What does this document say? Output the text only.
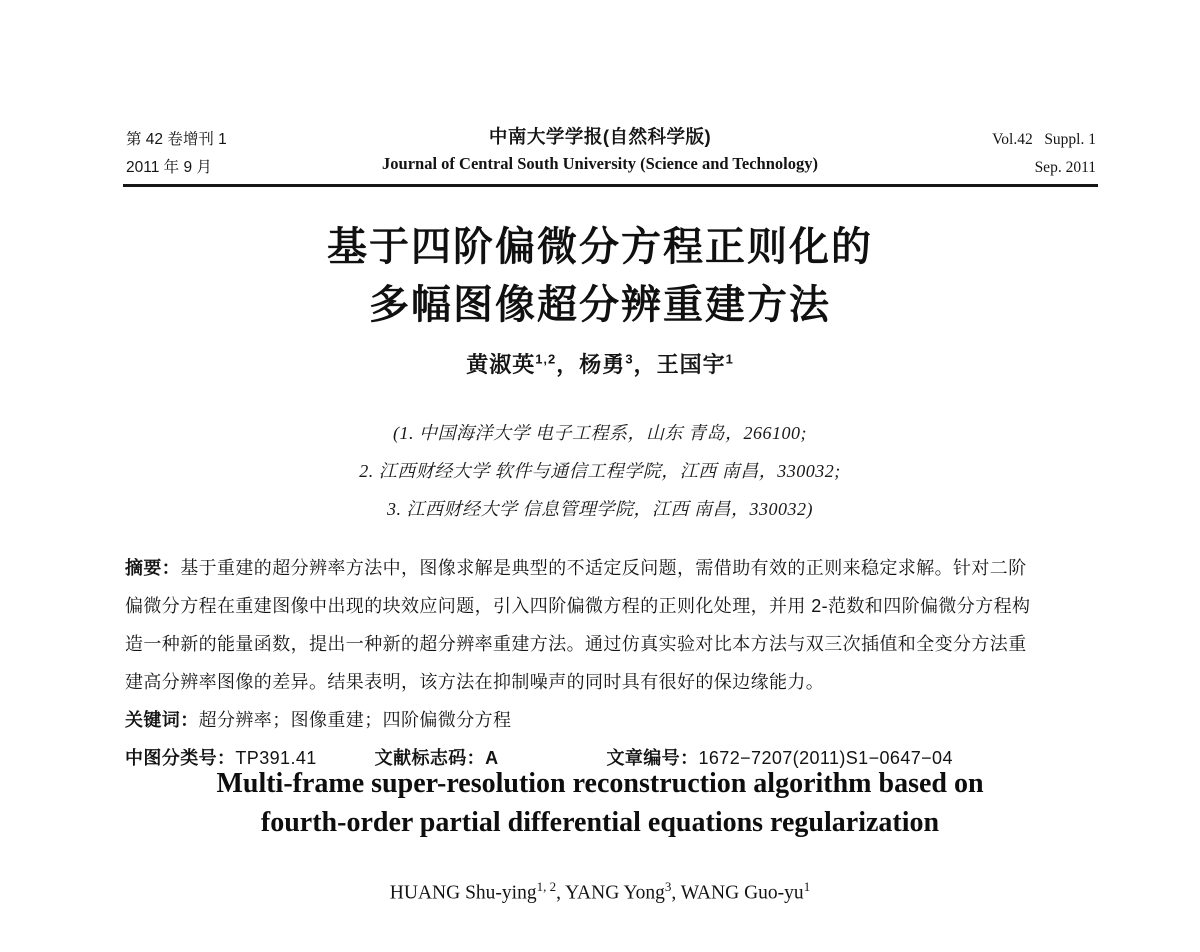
第 42 卷增刊 1
2011 年 9 月
中南大学学报(自然科学版)
Journal of Central South University (Science and Technology)
Vol.42   Suppl. 1
Sep. 2011
基于四阶偏微分方程正则化的
多幅图像超分辨重建方法
黄淑英$^{1,2}$，杨勇$^3$，王国宇$^1$
(1. 中国海洋大学 电子工程系，山东 青岛，266100;
2. 江西财经大学 软件与通信工程学院，江西 南昌，330032;
3. 江西财经大学 信息管理学院，江西 南昌，330032)
摘要：基于重建的超分辨率方法中，图像求解是典型的不适定反问题，需借助有效的正则来稳定求解。针对二阶
偏微分方程在重建图像中出现的块效应问题，引入四阶偏微方程的正则化处理，并用 2-范数和四阶偏微分方程构
造一种新的能量函数，提出一种新的超分辨率重建方法。通过仿真实验对比本方法与双三次插值和全变分方法重
建高分辨率图像的差异。结果表明，该方法在抑制噪声的同时具有很好的保边缘能力。
关键词：超分辨率；图像重建；四阶偏微分方程
中图分类号：TP391.41	文献标志码：A	文章编号：1672−7207(2011)S1−0647−04
Multi-frame super-resolution reconstruction algorithm based on
fourth-order partial differential equations regularization
HUANG Shu-ying$^{1, 2}$, YANG Yong$^3$, WANG Guo-$yu^1$
